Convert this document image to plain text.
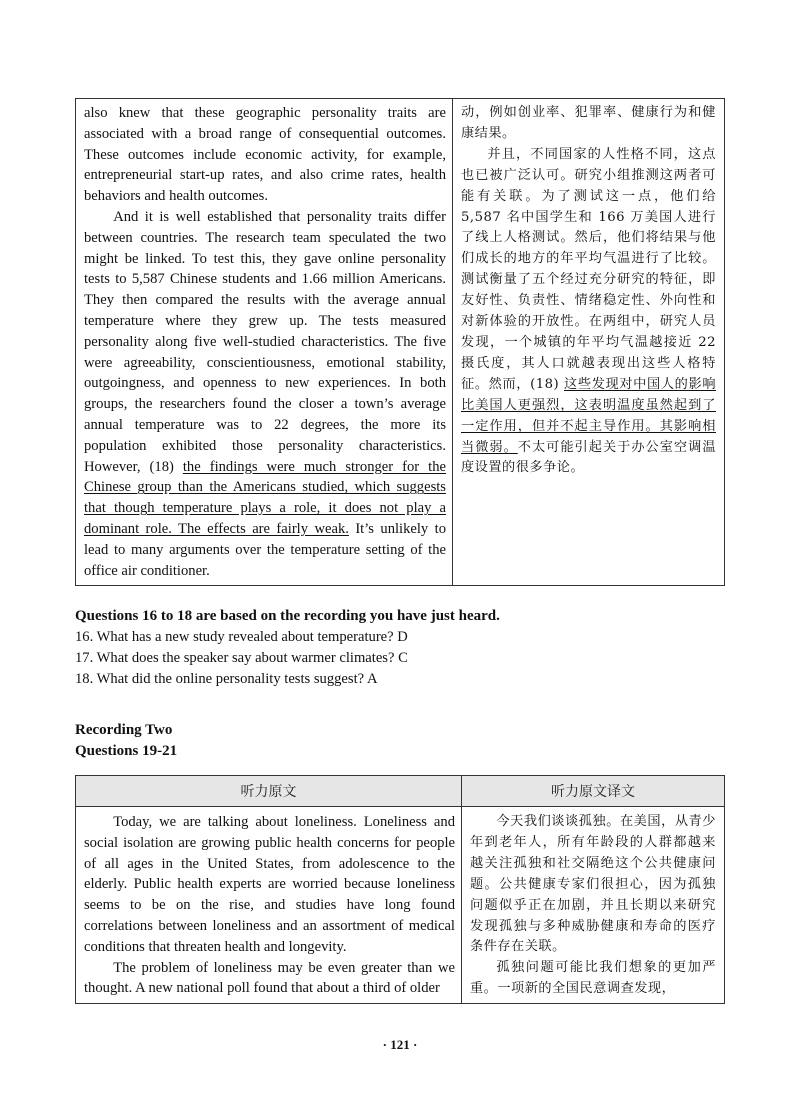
also knew that these geographic personality traits are associated with a broad range of consequential outcomes. These outcomes include economic activity, for example, entrepreneurial start-up rates, and also crime rates, health behaviors and health outcomes.

And it is well established that personality traits differ between countries. The research team speculated the two might be linked. To test this, they gave online personality tests to 5,587 Chinese students and 1.66 million Americans. They then compared the results with the average annual temperature where they grew up. The tests measured personality along five well-studied characteristics. The five were agreeability, conscientiousness, emotional stability, outgoingness, and openness to new experiences. In both groups, the researchers found the closer a town’s average annual temperature was to 22 degrees, the more its population exhibited those personality characteristics. However, (18) the findings were much stronger for the Chinese group than the Americans studied, which suggests that though temperature plays a role, it does not play a dominant role. The effects are fairly weak. It’s unlikely to lead to many arguments over the temperature setting of the office air conditioner.

动，例如创业率、犯罪率、健康行为和健康结果。

并且，不同国家的人性格不同，这点也已被广泛认可。研究小组推测这两者可能有关联。为了测试这一点，他们给 5,587 名中国学生和 166 万美国人进行了线上人格测试。然后，他们将结果与他们成长的地方的年平均气温进行了比较。测试衡量了五个经过充分研究的特征，即友好性、负责性、情绪稳定性、外向性和对新体验的开放性。在两组中，研究人员发现，一个城镇的年平均气温越接近 22 摄氏度，其人口就越表现出这些人格特征。然而，(18) 这些发现对中国人的影响比美国人更强烈，这表明温度虽然起到了一定作用，但并不起主导作用。其影响相当微弱。不太可能引起关于办公室空调温度设置的很多争论。

Questions 16 to 18 are based on the recording you have just heard.

16. What has a new study revealed about temperature? D

17. What does the speaker say about warmer climates? C

18. What did the online personality tests suggest? A

Recording Two

Questions 19-21

听力原文	听力原文译文

Today, we are talking about loneliness. Loneliness and social isolation are growing public health concerns for people of all ages in the United States, from adolescence to the elderly. Public health experts are worried because loneliness seems to be on the rise, and studies have long found correlations between loneliness and an assortment of medical conditions that threaten health and longevity.

The problem of loneliness may be even greater than we thought. A new national poll found that about a third of older

今天我们谈谈孤独。在美国，从青少年到老年人，所有年龄段的人群都越来越关注孤独和社交隔绝这个公共健康问题。公共健康专家们很担心，因为孤独问题似乎正在加剧，并且长期以来研究发现孤独与多种威胁健康和寿命的医疗条件存在关联。

孤独问题可能比我们想象的更加严重。一项新的全国民意调查发现，

· 121 ·
